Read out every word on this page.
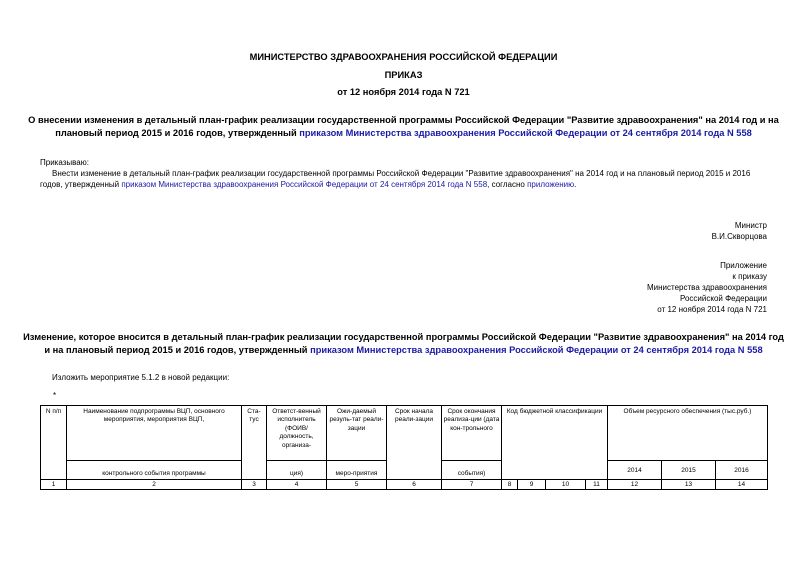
МИНИСТЕРСТВО ЗДРАВООХРАНЕНИЯ РОССИЙСКОЙ ФЕДЕРАЦИИ
ПРИКАЗ
от 12 ноября 2014 года N 721
О внесении изменения в детальный план-график реализации государственной программы Российской Федерации "Развитие здравоохранения" на 2014 год и на
плановый период 2015 и 2016 годов, утвержденный приказом Министерства здравоохранения Российской Федерации от 24 сентября 2014 года N 558
Приказываю:
Внести изменение в детальный план-график реализации государственной программы Российской Федерации "Развитие здравоохранения" на 2014 год и на плановый период 2015 и 2016 годов, утвержденный приказом Министерства здравоохранения Российской Федерации от 24 сентября 2014 года N 558, согласно приложению.
Министр
В.И.Скворцова
Приложение
к приказу
Министерства здравоохранения
Российской Федерации
от 12 ноября 2014 года N 721
Изменение, которое вносится в детальный план-график реализации государственной программы Российской Федерации "Развитие здравоохранения" на 2014 год
и на плановый период 2015 и 2016 годов, утвержденный приказом Министерства здравоохранения Российской Федерации от 24 сентября 2014 года N 558
Изложить мероприятие 5.1.2 в новой редакции:
*
N п/п	Наименование подпрограммы ВЦП, основного мероприятия, мероприятия ВЦП,	Ста-тус	Ответст-венный исполнитель (ФОИВ/ должность, организа-	Ожи-даемый резуль-тат реали-зации	Срок начала реали-зации	Срок окончания реализа-ции (дата кон-трольного	Код бюджетной классификации				Объем ресурсного обеспечения (тыс.руб.)		
	контрольного события программы		ция)	меро-приятия		события)					2014	2015	2016
1	2	3	4	5	6	7	8	9	10	11	12	13	14
